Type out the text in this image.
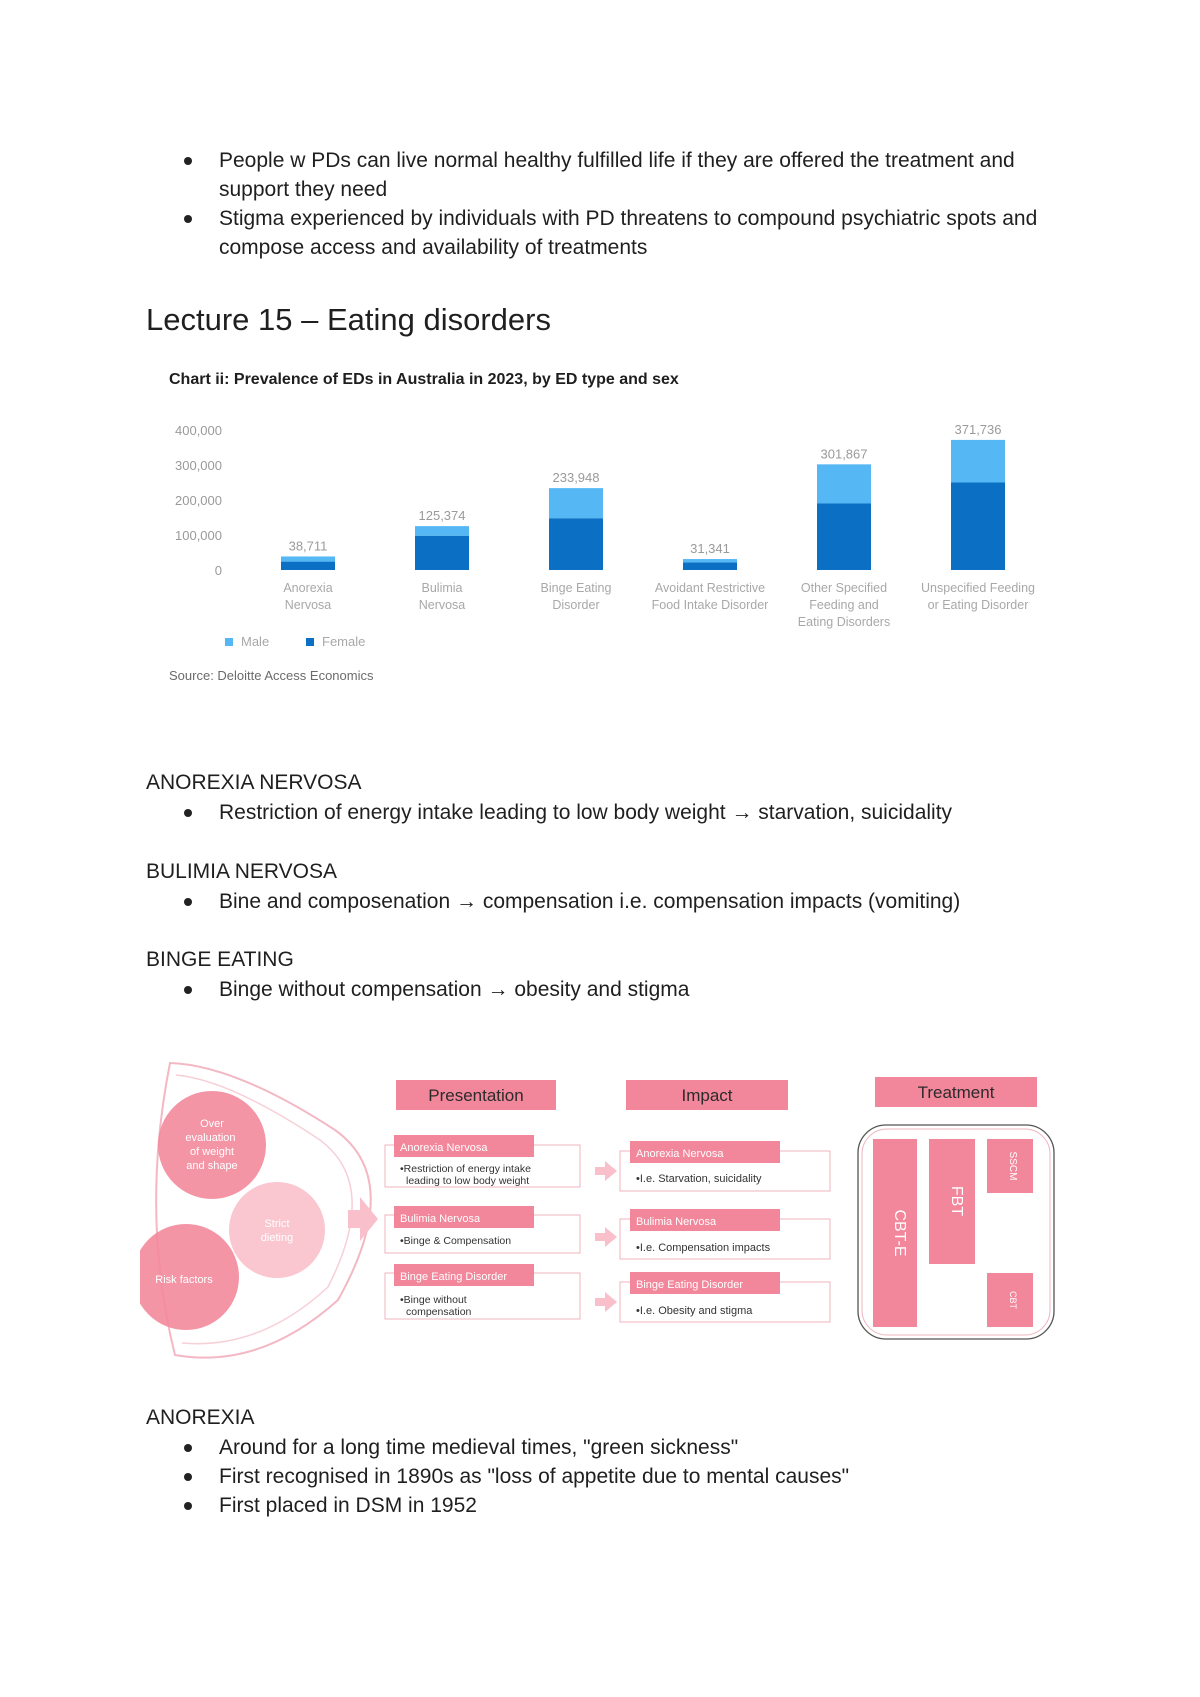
People w PDs can live normal healthy fulfilled life if they are offered the treatment and support they need
Stigma experienced by individuals with PD threatens to compound psychiatric spots and compose access and availability of treatments
Lecture 15 – Eating disorders
Chart ii: Prevalence of EDs in Australia in 2023, by ED type and sex
0
100,000
200,000
300,000
400,000
38,711
125,374
233,948
31,341
301,867
371,736
Anorexia
Nervosa
Bulimia
Nervosa
Binge Eating
Disorder
Avoidant Restrictive
Food Intake Disorder
Other Specified
Feeding and
Eating Disorders
Unspecified Feeding
or Eating Disorder
Male	Female
Source: Deloitte Access Economics
ANOREXIA NERVOSA
Restriction of energy intake leading to low body weight → starvation, suicidality
BULIMIA NERVOSA
Bine and composenation → compensation i.e. compensation impacts (vomiting)
BINGE EATING
Binge without compensation → obesity and stigma
Over evaluation of weight and shape
Strict dieting
Risk factors
Presentation	Impact	Treatment
Anorexia Nervosa
•Restriction of energy intake
leading to low body weight
Bulimia Nervosa
•Binge & Compensation
Binge Eating Disorder
•Binge without
compensation
Anorexia Nervosa
•I.e. Starvation, suicidality
Bulimia Nervosa
•I.e. Compensation impacts
Binge Eating Disorder
•I.e. Obesity and stigma
CBT-E
FBT
SSCM
CBT
ANOREXIA
Around for a long time medieval times, "green sickness"
First recognised in 1890s as "loss of appetite due to mental causes"
First placed in DSM in 1952
